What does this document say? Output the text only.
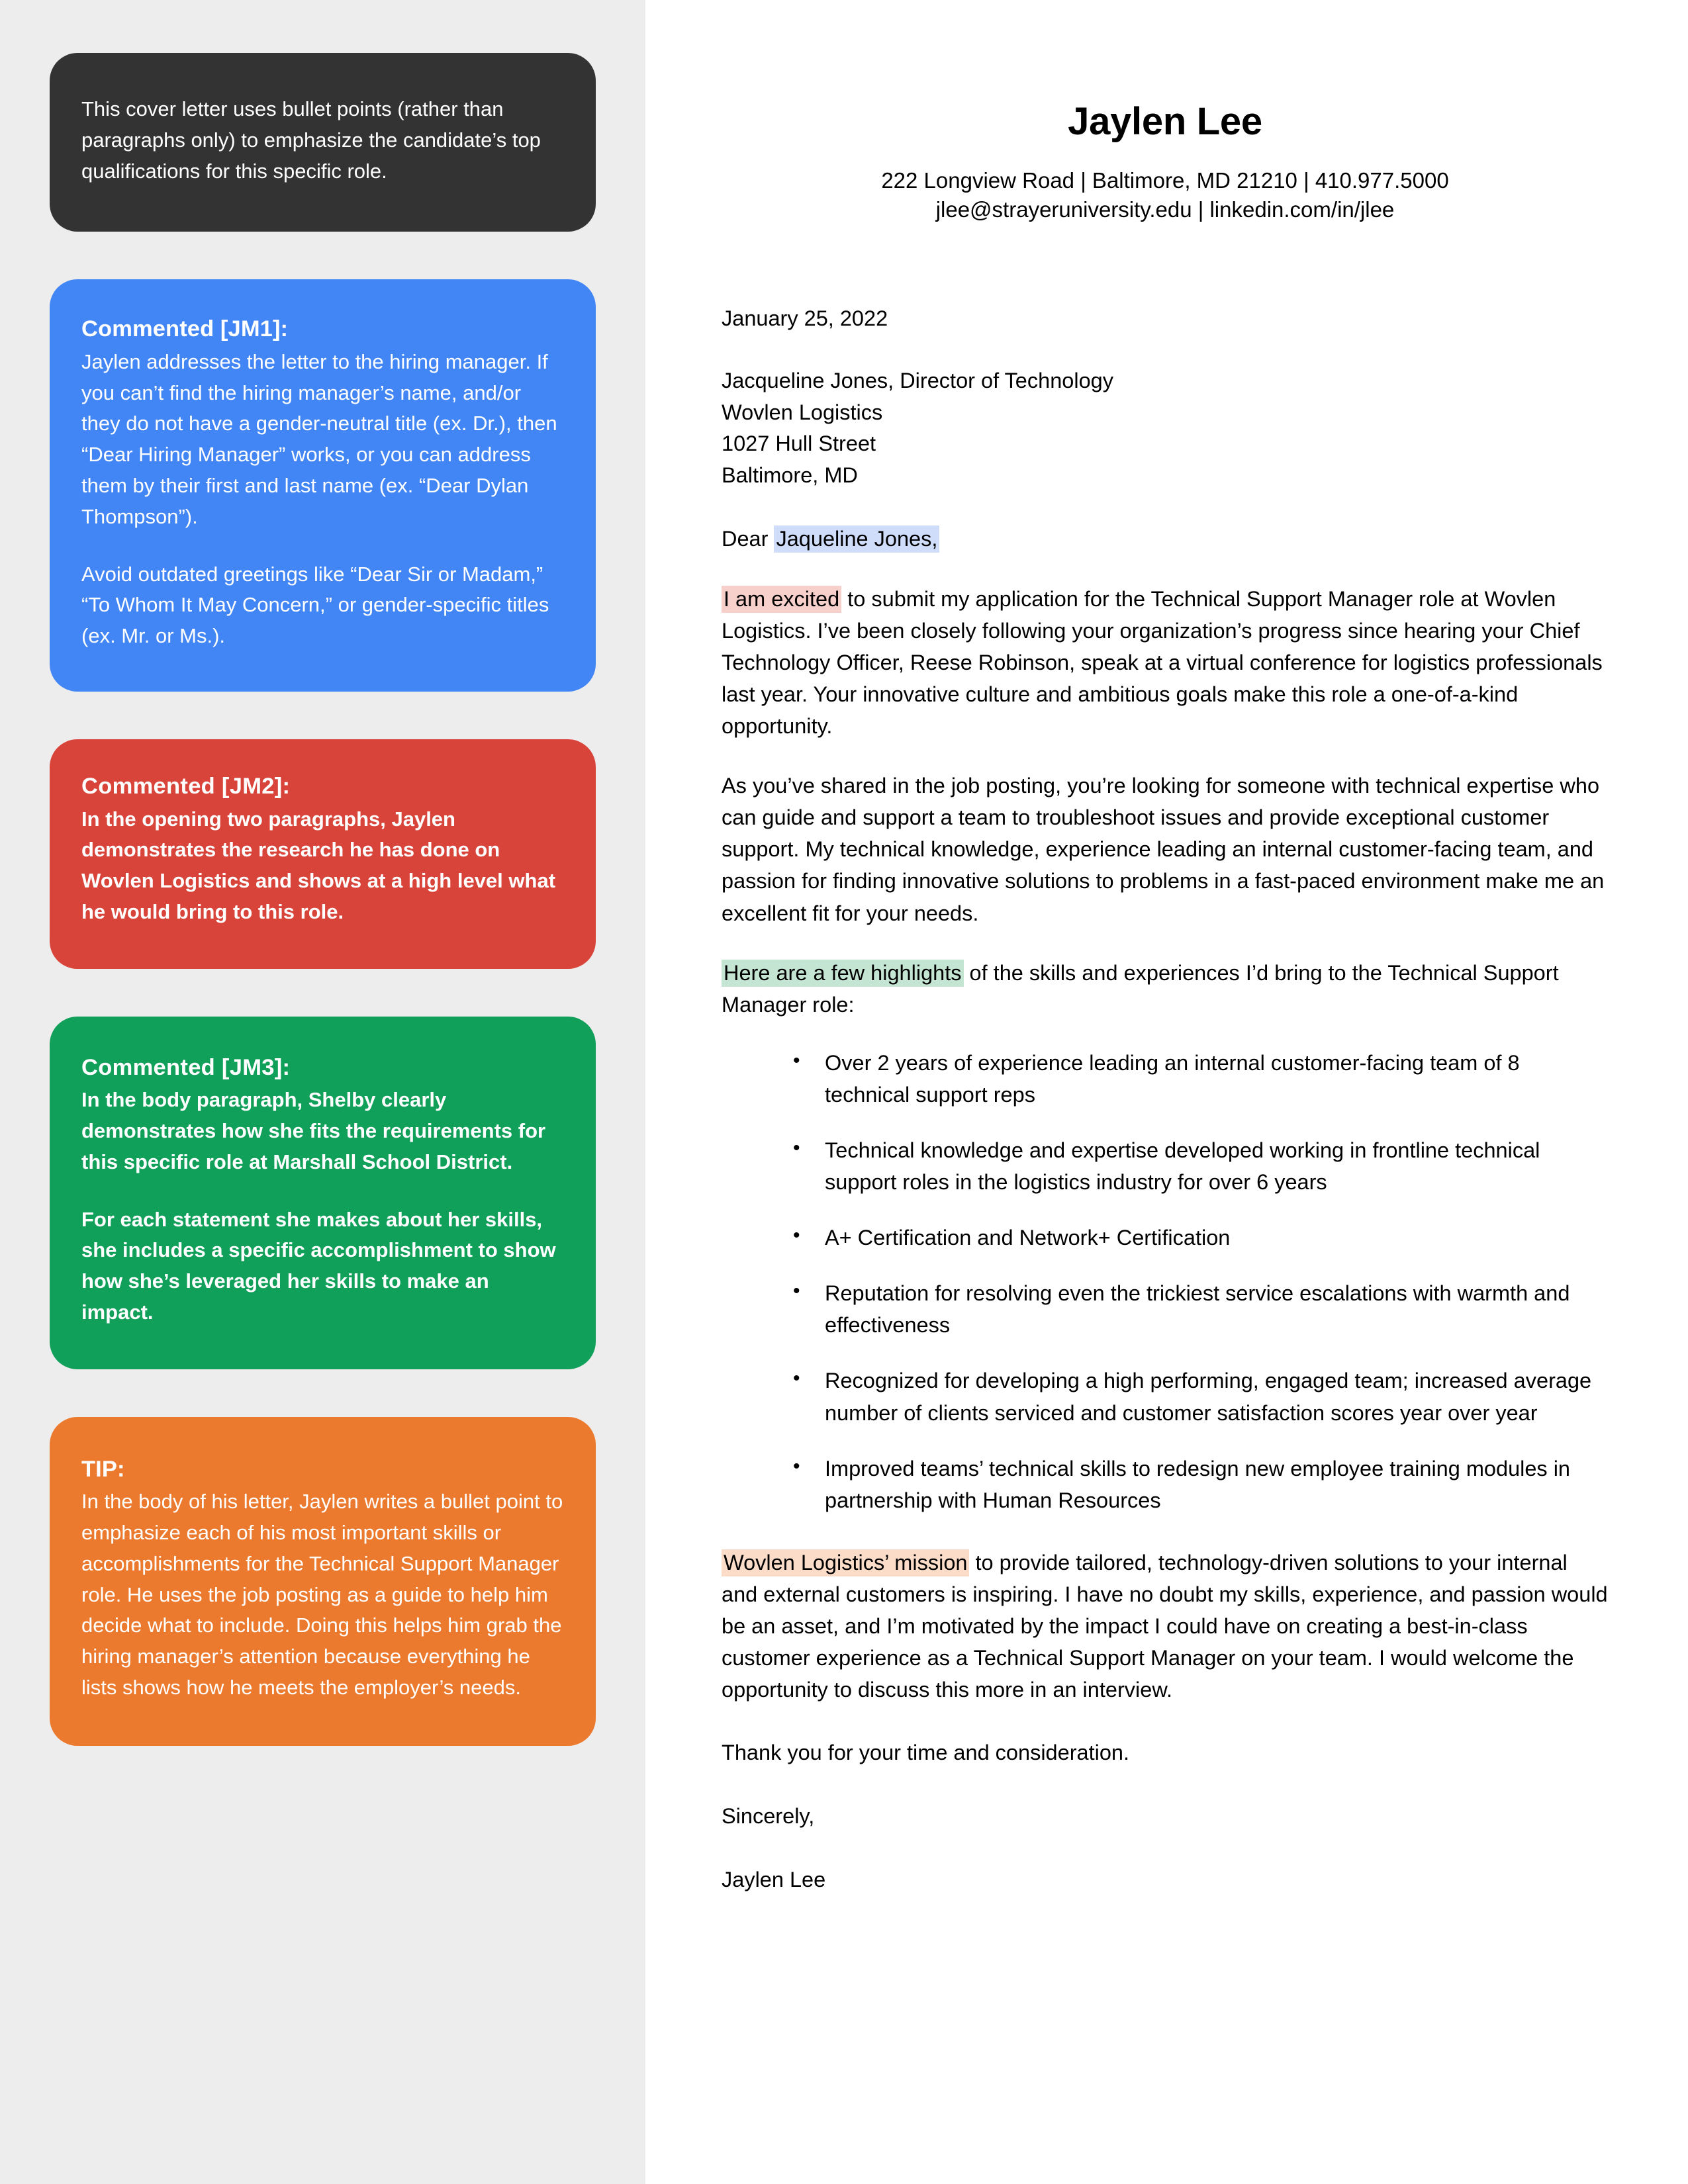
This cover letter uses bullet points (rather than paragraphs only) to emphasize the candidate’s top qualifications for this specific role.

Commented [JM1]:

Jaylen addresses the letter to the hiring manager. If you can’t find the hiring manager’s name, and/or they do not have a gender-neutral title (ex. Dr.), then “Dear Hiring Manager” works, or you can address them by their first and last name (ex. “Dear Dylan Thompson”).

Avoid outdated greetings like “Dear Sir or Madam,” “To Whom It May Concern,” or gender-specific titles (ex. Mr. or Ms.).

Commented [JM2]:

In the opening two paragraphs, Jaylen demonstrates the research he has done on Wovlen Logistics and shows at a high level what he would bring to this role.

Commented [JM3]:

In the body paragraph, Shelby clearly demonstrates how she fits the requirements for this specific role at Marshall School District.

For each statement she makes about her skills, she includes a specific accomplishment to show how she’s leveraged her skills to make an impact.

TIP:

In the body of his letter, Jaylen writes a bullet point to emphasize each of his most important skills or accomplishments for the Technical Support Manager role. He uses the job posting as a guide to help him decide what to include. Doing this helps him grab the hiring manager’s attention because everything he lists shows how he meets the employer’s needs.

Jaylen Lee

222 Longview Road | Baltimore, MD 21210 | 410.977.5000
jlee@strayeruniversity.edu | linkedin.com/in/jlee

January 25, 2022

Jacqueline Jones, Director of Technology
Wovlen Logistics
1027 Hull Street
Baltimore, MD

Dear Jaqueline Jones,

I am excited to submit my application for the Technical Support Manager role at Wovlen Logistics. I’ve been closely following your organization’s progress since hearing your Chief Technology Officer, Reese Robinson, speak at a virtual conference for logistics professionals last year. Your innovative culture and ambitious goals make this role a one-of-a-kind opportunity.

As you’ve shared in the job posting, you’re looking for someone with technical expertise who can guide and support a team to troubleshoot issues and provide exceptional customer support. My technical knowledge, experience leading an internal customer-facing team, and passion for finding innovative solutions to problems in a fast-paced environment make me an excellent fit for your needs.

Here are a few highlights of the skills and experiences I’d bring to the Technical Support Manager role:

• Over 2 years of experience leading an internal customer-facing team of 8 technical support reps
• Technical knowledge and expertise developed working in frontline technical support roles in the logistics industry for over 6 years
• A+ Certification and Network+ Certification
• Reputation for resolving even the trickiest service escalations with warmth and effectiveness
• Recognized for developing a high performing, engaged team; increased average number of clients serviced and customer satisfaction scores year over year
• Improved teams’ technical skills to redesign new employee training modules in partnership with Human Resources

Wovlen Logistics’ mission to provide tailored, technology-driven solutions to your internal and external customers is inspiring. I have no doubt my skills, experience, and passion would be an asset, and I’m motivated by the impact I could have on creating a best-in-class customer experience as a Technical Support Manager on your team. I would welcome the opportunity to discuss this more in an interview.

Thank you for your time and consideration.

Sincerely,

Jaylen Lee
